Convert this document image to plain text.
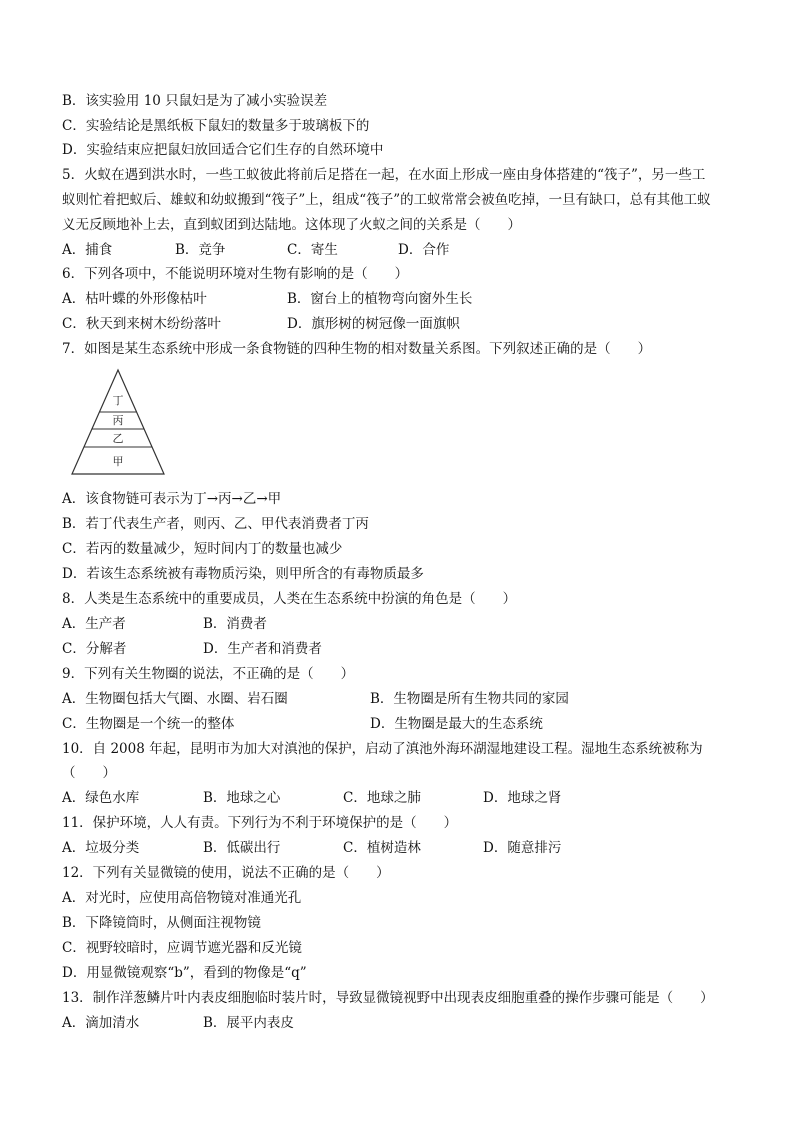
B．该实验用 10 只鼠妇是为了减小实验误差
C．实验结论是黑纸板下鼠妇的数量多于玻璃板下的
D．实验结束应把鼠妇放回适合它们生存的自然环境中
5．火蚁在遇到洪水时，一些工蚁彼此将前后足搭在一起，在水面上形成一座由身体搭建的“筏子”，另一些工
蚁则忙着把蚁后、雄蚁和幼蚁搬到“筏子”上，组成“筏子”的工蚁常常会被鱼吃掉，一旦有缺口，总有其他工蚁
义无反顾地补上去，直到蚁团到达陆地。这体现了火蚁之间的关系是（　　）
A．捕食	B．竞争	C．寄生	D．合作
6．下列各项中，不能说明环境对生物有影响的是（　　）
A．枯叶蝶的外形像枯叶	B．窗台上的植物弯向窗外生长
C．秋天到来树木纷纷落叶	D．旗形树的树冠像一面旗帜
7．如图是某生态系统中形成一条食物链的四种生物的相对数量关系图。下列叙述正确的是（　　）
丁
丙
乙
甲
A．该食物链可表示为丁→丙→乙→甲
B．若丁代表生产者，则丙、乙、甲代表消费者丁丙
C．若丙的数量减少，短时间内丁的数量也减少
D．若该生态系统被有毒物质污染，则甲所含的有毒物质最多
8．人类是生态系统中的重要成员，人类在生态系统中扮演的角色是（　　）
A．生产者	B．消费者
C．分解者	D．生产者和消费者
9．下列有关生物圈的说法，不正确的是（　　）
A．生物圈包括大气圈、水圈、岩石圈	B．生物圈是所有生物共同的家园
C．生物圈是一个统一的整体	D．生物圈是最大的生态系统
10．自 2008 年起，昆明市为加大对滇池的保护，启动了滇池外海环湖湿地建设工程。湿地生态系统被称为
（　　）
A．绿色水库	B．地球之心	C．地球之肺	D．地球之肾
11．保护环境，人人有责。下列行为不利于环境保护的是（　　）
A．垃圾分类	B．低碳出行	C．植树造林	D．随意排污
12．下列有关显微镜的使用，说法不正确的是（　　）
A．对光时，应使用高倍物镜对准通光孔
B．下降镜筒时，从侧面注视物镜
C．视野较暗时，应调节遮光器和反光镜
D．用显微镜观察“b”，看到的物像是“q”
13．制作洋葱鳞片叶内表皮细胞临时装片时，导致显微镜视野中出现表皮细胞重叠的操作步骤可能是（　　）
A．滴加清水	B．展平内表皮
